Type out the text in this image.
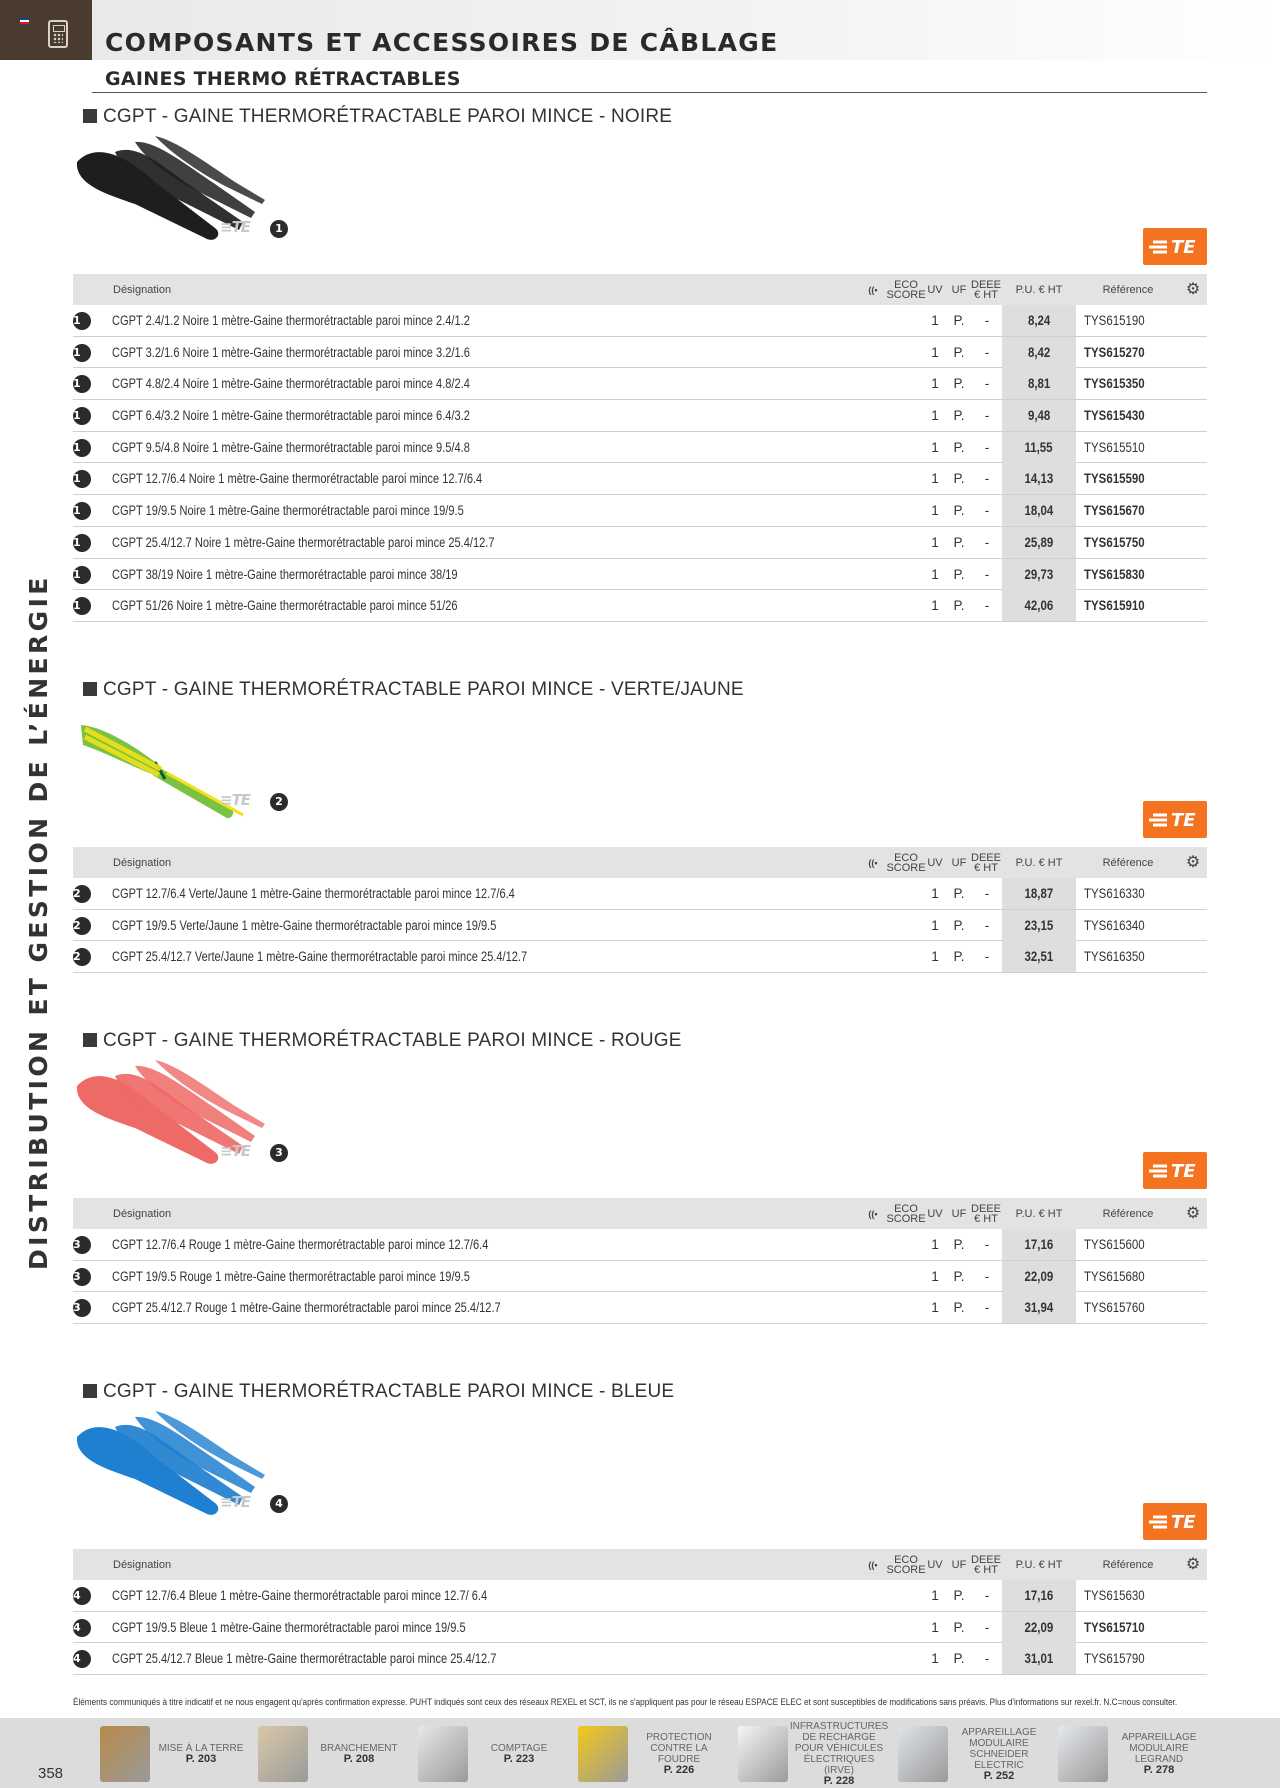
COMPOSANTS ET ACCESSOIRES DE CÂBLAGE
GAINES THERMO RÉTRACTABLES
DISTRIBUTION ET GESTION DE L’ÉNERGIE
CGPT - GAINE THERMORÉTRACTABLE PAROI MINCE - NOIRE
≡TE	1
TE
Désignation	ECO SCORE UV UF DEEE € HT	P.U. € HT	Référence
((•	⚙
1	CGPT 2.4/1.2 Noire 1 mètre-Gaine thermorétractable paroi mince 2.4/1.2	1	P.	-	8,24	TYS615190
1	CGPT 3.2/1.6 Noire 1 mètre-Gaine thermorétractable paroi mince 3.2/1.6	1	P.	-	8,42	TYS615270
1	CGPT 4.8/2.4 Noire 1 mètre-Gaine thermorétractable paroi mince 4.8/2.4	1	P.	-	8,81	TYS615350
1	CGPT 6.4/3.2 Noire 1 mètre-Gaine thermorétractable paroi mince 6.4/3.2	1	P.	-	9,48	TYS615430
1	CGPT 9.5/4.8 Noire 1 mètre-Gaine thermorétractable paroi mince 9.5/4.8	1	P.	-	11,55 TYS615510
1	CGPT 12.7/6.4 Noire 1 mètre-Gaine thermorétractable paroi mince 12.7/6.4	1	P.	-	14,13 TYS615590
1	CGPT 19/9.5 Noire 1 mètre-Gaine thermorétractable paroi mince 19/9.5	1	P.	-	18,04 TYS615670
1	CGPT 25.4/12.7 Noire 1 mètre-Gaine thermorétractable paroi mince 25.4/12.7	1	P.	-	25,89 TYS615750
1	CGPT 38/19 Noire 1 mètre-Gaine thermorétractable paroi mince 38/19	1	P.	-	29,73 TYS615830
1	CGPT 51/26 Noire 1 mètre-Gaine thermorétractable paroi mince 51/26	1	P.	-	42,06 TYS615910
CGPT - GAINE THERMORÉTRACTABLE PAROI MINCE - VERTE/JAUNE
≡TE	2
TE
Désignation	ECO SCORE UV UF DEEE € HT	P.U. € HT	Référence
((•	⚙
2	CGPT 12.7/6.4 Verte/Jaune 1 mètre-Gaine thermorétractable paroi mince 12.7/6.4	1	P.	-	18,87 TYS616330
2	CGPT 19/9.5 Verte/Jaune 1 mètre-Gaine thermorétractable paroi mince 19/9.5	1	P.	-	23,15 TYS616340
2	CGPT 25.4/12.7 Verte/Jaune 1 mètre-Gaine thermorétractable paroi mince 25.4/12.7	1	P.	-	32,51 TYS616350
CGPT - GAINE THERMORÉTRACTABLE PAROI MINCE - ROUGE
≡TE	3
TE
Désignation	ECO SCORE UV UF DEEE € HT	P.U. € HT	Référence
((•	⚙
3	CGPT 12.7/6.4 Rouge 1 mètre-Gaine thermorétractable paroi mince 12.7/6.4	1	P.	-	17,16 TYS615600
3	CGPT 19/9.5 Rouge 1 mètre-Gaine thermorétractable paroi mince 19/9.5	1	P.	-	22,09 TYS615680
3	CGPT 25.4/12.7 Rouge 1 mètre-Gaine thermorétractable paroi mince 25.4/12.7	1	P.	-	31,94 TYS615760
CGPT - GAINE THERMORÉTRACTABLE PAROI MINCE - BLEUE
≡TE	4
TE
Désignation	ECO SCORE UV UF DEEE € HT	P.U. € HT	Référence
((•	⚙
4	CGPT 12.7/6.4 Bleue 1 mètre-Gaine thermorétractable paroi mince 12.7/ 6.4	1	P.	-	17,16 TYS615630
4	CGPT 19/9.5 Bleue 1 mètre-Gaine thermorétractable paroi mince 19/9.5	1	P.	-	22,09 TYS615710
4	CGPT 25.4/12.7 Bleue 1 mètre-Gaine thermorétractable paroi mince 25.4/12.7	1	P.	-	31,01 TYS615790
Éléments communiqués à titre indicatif et ne nous engagent qu'après confirmation expresse. PUHT indiqués sont ceux des réseaux REXEL et SCT, ils ne s'appliquent pas pour le réseau ESPACE ELEC et sont susceptibles de modifications sans préavis. Plus d'informations sur rexel.fr. N.C=nous consulter.
358
MISE À LA TERRE
P. 203
BRANCHEMENT
P. 208
COMPTAGE
P. 223
PROTECTION CONTRE LA FOUDRE
P. 226
INFRASTRUCTURES DE RECHARGE POUR VÉHICULES ÉLECTRIQUES (IRVE)
P. 228
APPAREILLAGE MODULAIRE SCHNEIDER ELECTRIC
P. 252
APPAREILLAGE MODULAIRE LEGRAND
P. 278
